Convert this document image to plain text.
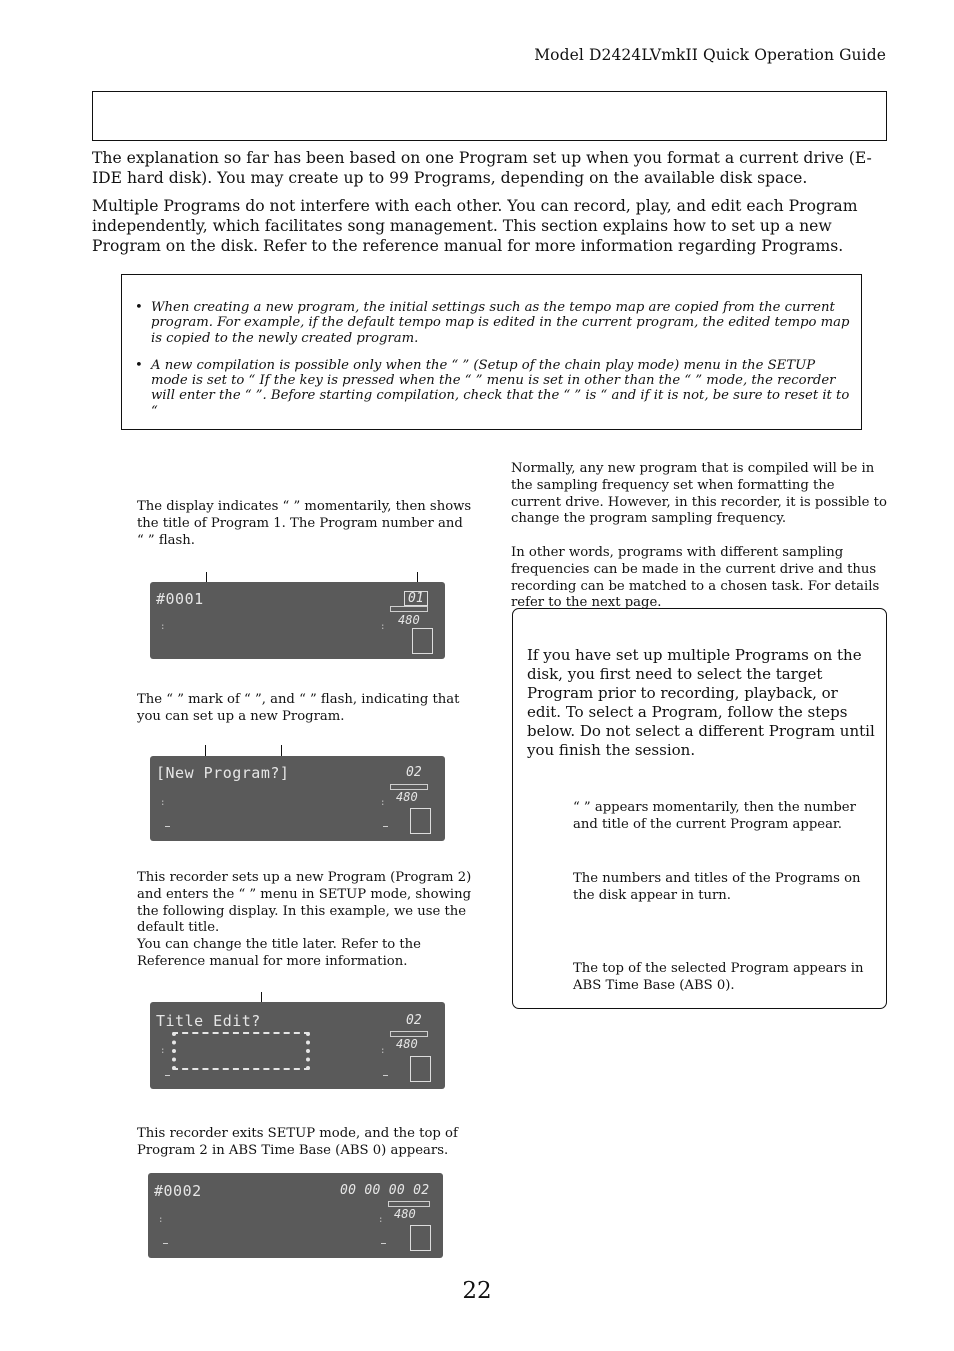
Model D2424LVmkII Quick Operation Guide

The explanation so far has been based on one Program set up when you format a current drive (E-IDE hard disk). You may create up to 99 Programs, depending on the available disk space.

Multiple Programs do not interfere with each other. You can record, play, and edit each Program independently, which facilitates song management. This section explains how to set up a new Program on the disk. Refer to the reference manual for more information regarding Programs.

• When creating a new program, the initial settings such as the tempo map are copied from the current program. For example, if the default tempo map is edited in the current program, the edited tempo map is copied to the newly created program.
• A new compilation is possible only when the “ ” (Setup of the chain play mode) menu in the SETUP mode is set to “ If the key is pressed when the “ ” menu is set in other than the “ ” mode, the recorder will enter the “ ”. Before starting compilation, check that the “ ” is “ and if it is not, be sure to reset it to “

The display indicates “ ” momentarily, then shows the title of Program 1. The Program number and “ ” flash.

#0001	01
480
:	:

The “ ” mark of “ ”, and “ ” flash, indicating that you can set up a new Program.

[New Program?]	02
480
:	:

This recorder sets up a new Program (Program 2) and enters the “ ” menu in SETUP mode, showing the following display. In this example, we use the default title.
You can change the title later. Refer to the Reference manual for more information.

Title Edit?	02
480
:	:

This recorder exits SETUP mode, and the top of Program 2 in ABS Time Base (ABS 0) appears.

#0002	00 00 00 02
480
:	:

Normally, any new program that is compiled will be in the sampling frequency set when formatting the current drive. However, in this recorder, it is possible to change the program sampling frequency.

In other words, programs with different sampling frequencies can be made in the current drive and thus recording can be matched to a chosen task. For details refer to the next page.

If you have set up multiple Programs on the disk, you first need to select the target Program prior to recording, playback, or edit. To select a Program, follow the steps below. Do not select a different Program until you finish the session.

“ ” appears momentarily, then the number and title of the current Program appear.

The numbers and titles of the Programs on the disk appear in turn.

The top of the selected Program appears in ABS Time Base (ABS 0).

22
